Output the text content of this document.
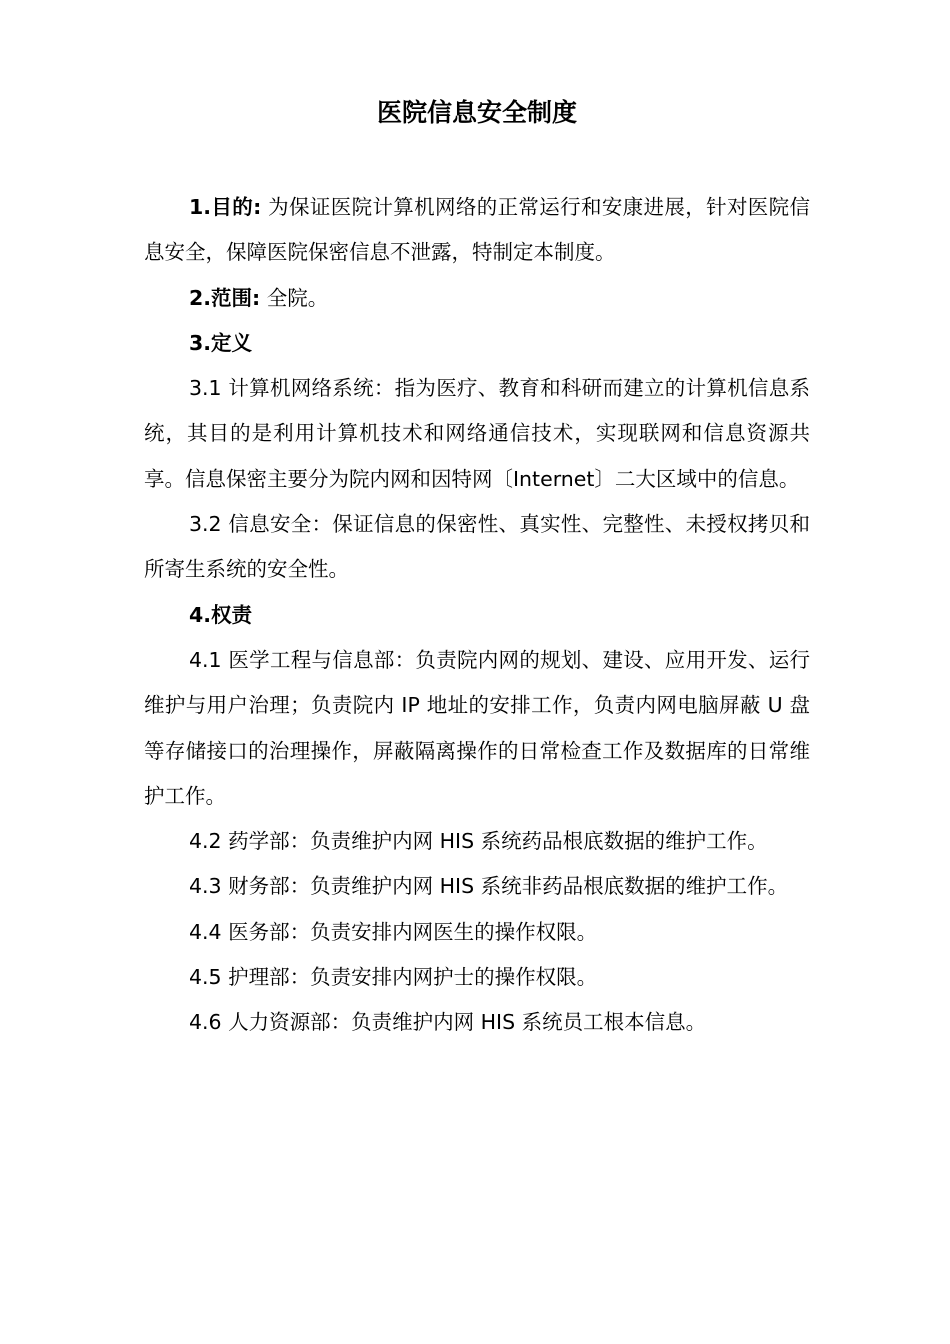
医院信息安全制度

1.目的: 为保证医院计算机网络的正常运行和安康进展，针对医院信息安全，保障医院保密信息不泄露，特制定本制度。

2.范围: 全院。

3.定义

3.1 计算机网络系统：指为医疗、教育和科研而建立的计算机信息系统，其目的是利用计算机技术和网络通信技术，实现联网和信息资源共享。信息保密主要分为院内网和因特网〔Internet〕二大区域中的信息。

3.2 信息安全：保证信息的保密性、真实性、完整性、未授权拷贝和所寄生系统的安全性。

4.权责

4.1 医学工程与信息部：负责院内网的规划、建设、应用开发、运行维护与用户治理；负责院内 IP 地址的安排工作，负责内网电脑屏蔽 U 盘等存储接口的治理操作，屏蔽隔离操作的日常检查工作及数据库的日常维护工作。

4.2 药学部：负责维护内网 HIS 系统药品根底数据的维护工作。

4.3 财务部：负责维护内网 HIS 系统非药品根底数据的维护工作。

4.4 医务部：负责安排内网医生的操作权限。

4.5 护理部：负责安排内网护士的操作权限。

4.6 人力资源部：负责维护内网 HIS 系统员工根本信息。
